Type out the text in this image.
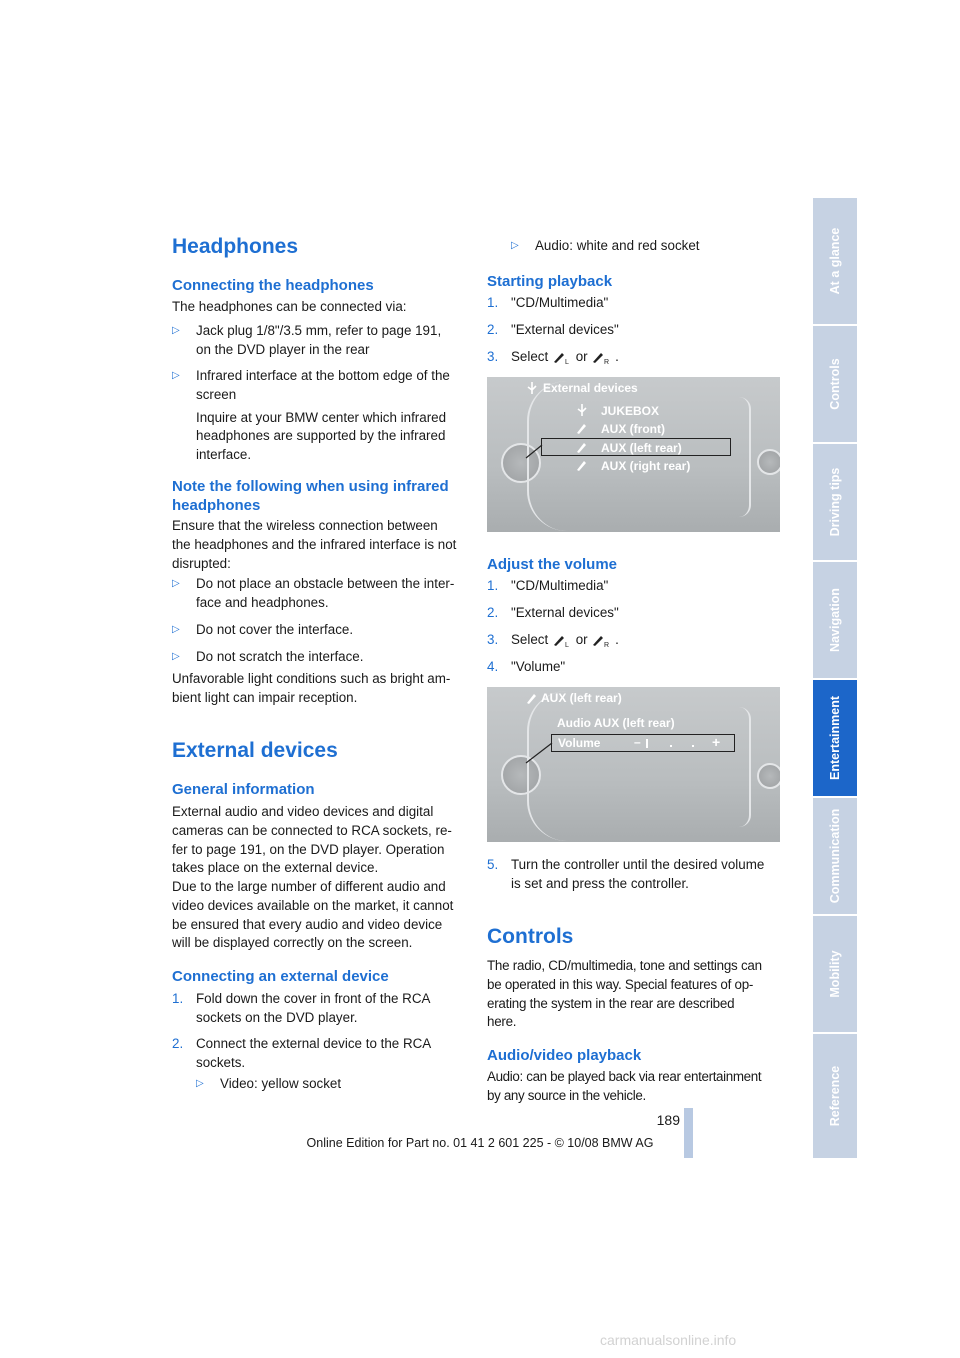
Headphones
Connecting the headphones

The headphones can be connected via:

▷ Jack plug 1/8"/3.5 mm, refer to page 191,
on the DVD player in the rear
▷ Infrared interface at the bottom edge of the
screen

Inquire at your BMW center which infrared
headphones are supported by the infrared
interface.
Note the following when using infrared
headphones

Ensure that the wireless connection between
the headphones and the infrared interface is not
disrupted:

▷ Do not place an obstacle between the inter-
face and headphones.
▷ Do not cover the interface.
▷ Do not scratch the interface.

Unfavorable light conditions such as bright am-
bient light can impair reception.

External devices
General information

External audio and video devices and digital
cameras can be connected to RCA sockets, re-
fer to page 191, on the DVD player. Operation
takes place on the external device.

Due to the large number of different audio and
video devices available on the market, it cannot
be ensured that every audio and video device
will be displayed correctly on the screen.

Connecting an external device
1. Fold down the cover in front of the RCA
sockets on the DVD player.
2. Connect the external device to the RCA
sockets.
▷ Video: yellow socket
▷ Audio: white and red socket
Starting playback
1. "CD/Multimedia"
2. "External devices"
3. Select L or R .
External devices
JUKEBOX
AUX (front)
AUX (left rear)
AUX (right rear)
Adjust the volume
1. "CD/Multimedia"
2. "External devices"
3. Select L or R .
4. "Volume"
AUX (left rear)
Audio AUX (left rear)
Volume	–	+
5. Turn the controller until the desired volume
is set and press the controller.
Controls

The radio, CD/multimedia, tone and settings can
be operated in this way. Special features of op-
erating the system in the rear are described
here.

Audio/video playback

Audio: can be played back via rear entertainment
by any source in the vehicle.

At a glance
Controls
Driving tips
Navigation
Entertainment
Communication
Mobility
Reference
189
Online Edition for Part no. 01 41 2 601 225 - © 10/08 BMW AG
carmanualsonline.info
